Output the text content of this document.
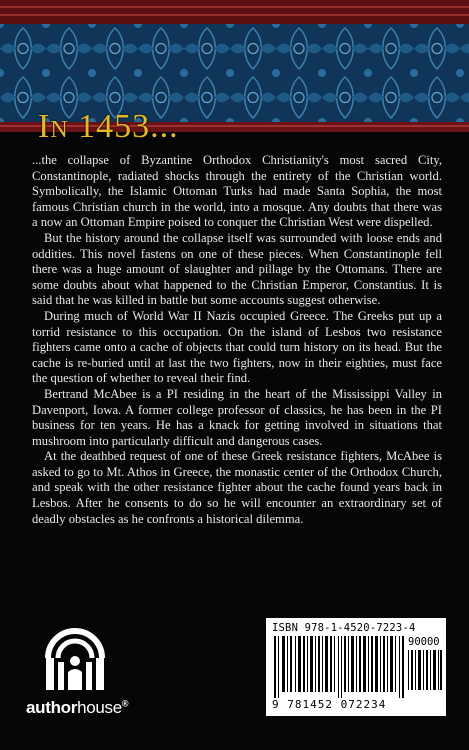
In 1453...

...the collapse of Byzantine Orthodox Christianity's most sacred City, Constantinople, radiated shocks through the entirety of the Christian world. Symbolically, the Islamic Ottoman Turks had made Santa Sophia, the most famous Christian church in the world, into a mosque. Any doubts that there was a now an Ottoman Empire poised to conquer the Christian West were dispelled.

But the history around the collapse itself was surrounded with loose ends and oddities. This novel fastens on one of these pieces. When Constantinople fell there was a huge amount of slaughter and pillage by the Ottomans. There are some doubts about what happened to the Christian Emperor, Constantius. It is said that he was killed in battle but some accounts suggest otherwise.

During much of World War II Nazis occupied Greece. The Greeks put up a torrid resistance to this occupation. On the island of Lesbos two resistance fighters came onto a cache of objects that could turn history on its head. But the cache is re-buried until at last the two fighters, now in their eighties, must face the question of whether to reveal their find.

Bertrand McAbee is a PI residing in the heart of the Mississippi Valley in Davenport, Iowa. A former college professor of classics, he has been in the PI business for ten years. He has a knack for getting involved in situations that mushroom into particularly difficult and dangerous cases.

At the deathbed request of one of these Greek resistance fighters, McAbee is asked to go to Mt. Athos in Greece, the monastic center of the Orthodox Church, and speak with the other resistance fighter about the cache found years back in Lesbos. After he consents to do so he will encounter an extraordinary set of deadly obstacles as he confronts a historical dilemma.

authorhouse®
ISBN 978-1-4520-7223-4
90000
9 781452 072234
